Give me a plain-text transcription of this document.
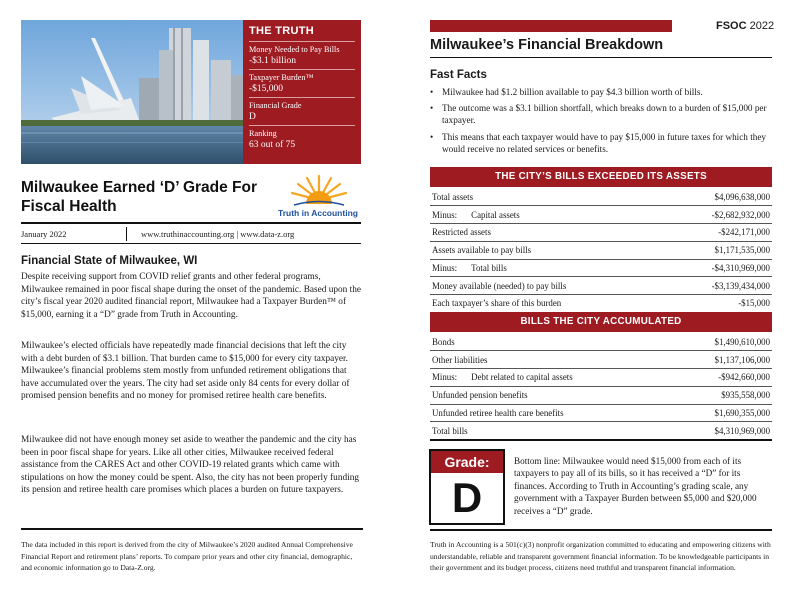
THE TRUTH
Money Needed to Pay Bills
-$3.1 billion
Taxpayer Burden™
-$15,000
Financial Grade
D
Ranking
63 out of 75
Milwaukee Earned ‘D’ Grade For Fiscal Health	Truth in Accounting
January 2022	www.truthinaccounting.org | www.data-z.org
Financial State of Milwaukee, WI
Despite receiving support from COVID relief grants and other federal programs, Milwaukee remained in poor fiscal shape during the onset of the pandemic. Based upon the city’s fiscal year 2020 audited financial report, Milwaukee had a Taxpayer Burden™ of $15,000, earning it a “D” grade from Truth in Accounting.
Milwaukee’s elected officials have repeatedly made financial decisions that left the city with a debt burden of $3.1 billion. That burden came to $15,000 for every city taxpayer. Milwaukee’s financial problems stem mostly from unfunded retirement obligations that have accumulated over the years. The city had set aside only 84 cents for every dollar of promised pension benefits and no money for promised retiree health care benefits.
Milwaukee did not have enough money set aside to weather the pandemic and the city has been in poor fiscal shape for years. Like all other cities, Milwaukee received federal assistance from the CARES Act and other COVID-19 related grants which came with stipulations on how the money could be spent. Also, the city has not been properly funding its pension and retiree health care promises which places a burden on future taxpayers.
The data included in this report is derived from the city of Milwaukee’s 2020 audited Annual Comprehensive Financial Report and retirement plans’ reports. To compare prior years and other city financial, demographic, and economic information go to Data-Z.org.
FSOC 2022
Milwaukee’s Financial Breakdown
Fast Facts
• Milwaukee had $1.2 billion available to pay $4.3 billion worth of bills.
• The outcome was a $3.1 billion shortfall, which breaks down to a burden of $15,000 per taxpayer.
• This means that each taxpayer would have to pay $15,000 in future taxes for which they would receive no related services or benefits.
THE CITY’S BILLS EXCEEDED ITS ASSETS
Total assets	$4,096,638,000
Minus: Capital assets	-$2,682,932,000
Restricted assets	-$242,171,000
Assets available to pay bills	$1,171,535,000
Minus: Total bills	-$4,310,969,000
Money available (needed) to pay bills	-$3,139,434,000
Each taxpayer’s share of this burden	-$15,000
BILLS THE CITY ACCUMULATED
Bonds	$1,490,610,000
Other liabilities	$1,137,106,000
Minus: Debt related to capital assets	-$942,660,000
Unfunded pension benefits	$935,558,000
Unfunded retiree health care benefits	$1,690,355,000
Total bills	$4,310,969,000
Grade:
D
Bottom line: Milwaukee would need $15,000 from each of its taxpayers to pay all of its bills, so it has received a “D” for its finances. According to Truth in Accounting’s grading scale, any government with a Taxpayer Burden between $5,000 and $20,000 receives a “D” grade.
Truth in Accounting is a 501(c)(3) nonprofit organization committed to educating and empowering citizens with understandable, reliable and transparent government financial information. To be knowledgeable participants in their government and its budget process, citizens need truthful and transparent financial information.
